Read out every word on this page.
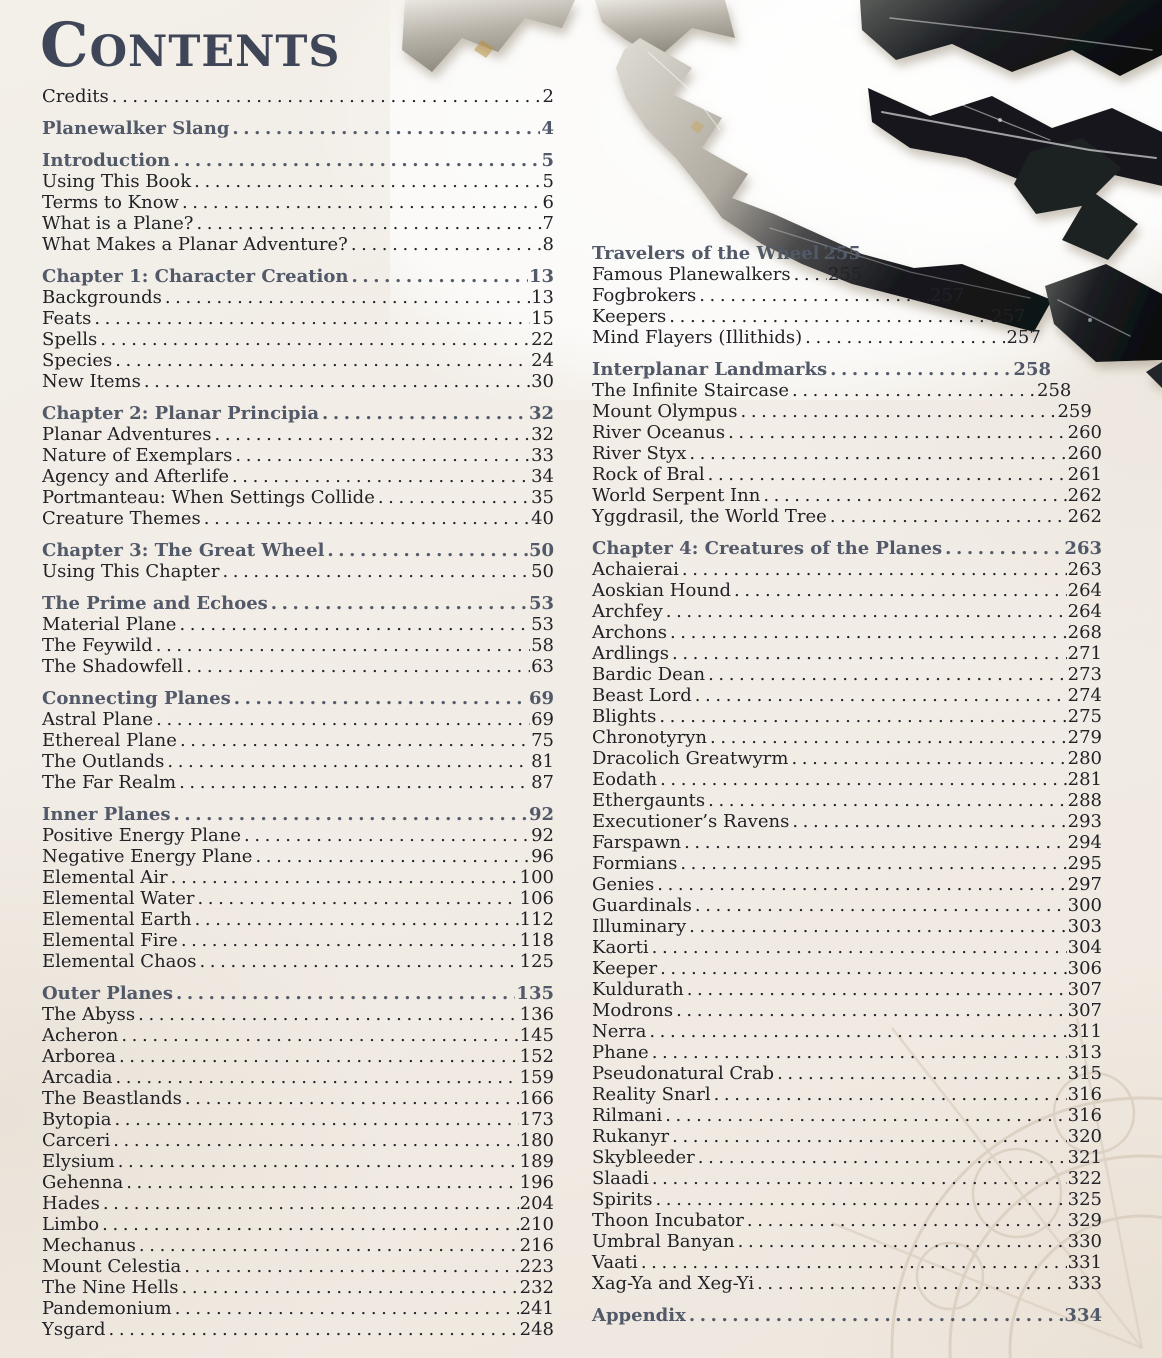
CONTENTS
Credits .....	2
Planewalker Slang .....	4
Introduction .....	5
Using This Book .....	5
Terms to Know .....	6
What is a Plane? .....	7
What Makes a Planar Adventure? .....	8
Chapter 1: Character Creation .....	13
Backgrounds .....	13
Feats .....	15
Spells .....	22
Species .....	24
New Items .....	30
Chapter 2: Planar Principia .....	32
Planar Adventures .....	32
Nature of Exemplars .....	33
Agency and Afterlife .....	34
Portmanteau: When Settings Collide .....	35
Creature Themes .....	40
Chapter 3: The Great Wheel .....	50
Using This Chapter .....	50
The Prime and Echoes .....	53
Material Plane .....	53
The Feywild .....	58
The Shadowfell .....	63
Connecting Planes .....	69
Astral Plane .....	69
Ethereal Plane .....	75
The Outlands .....	81
The Far Realm .....	87
Inner Planes .....	92
Positive Energy Plane .....	92
Negative Energy Plane .....	96
Elemental Air .....	100
Elemental Water .....	106
Elemental Earth .....	112
Elemental Fire .....	118
Elemental Chaos .....	125
Outer Planes .....	135
The Abyss .....	136
Acheron .....	145
Arborea .....	152
Arcadia .....	159
The Beastlands .....	166
Bytopia .....	173
Carceri .....	180
Elysium .....	189
Gehenna .....	196
Hades .....	204
Limbo .....	210
Mechanus .....	216
Mount Celestia .....	223
The Nine Hells .....	232
Pandemonium .....	241
Ysgard .....	248
Travelers of the Wheel 255
Famous Planewalkers ..... 255
Fogbrokers .....	257
Keepers .....	257
Mind Flayers (Illithids) .....	257
Interplanar Landmarks .....	258
The Infinite Staircase .....	258
Mount Olympus .....	259
River Oceanus .....	260
River Styx .....	260
Rock of Bral .....	261
World Serpent Inn .....	262
Yggdrasil, the World Tree .....	262
Chapter 4: Creatures of the Planes .....	263
Achaierai .....	263
Aoskian Hound .....	264
Archfey .....	264
Archons .....	268
Ardlings .....	271
Bardic Dean .....	273
Beast Lord .....	274
Blights .....	275
Chronotyryn .....	279
Dracolich Greatwyrm .....	280
Eodath .....	281
Ethergaunts .....	288
Executioner’s Ravens .....	293
Farspawn .....	294
Formians .....	295
Genies .....	297
Guardinals .....	300
Illuminary .....	303
Kaorti .....	304
Keeper .....	306
Kuldurath .....	307
Modrons .....	307
Nerra .....	311
Phane .....	313
Pseudonatural Crab .....	315
Reality Snarl .....	316
Rilmani .....	316
Rukanyr .....	320
Skybleeder .....	321
Slaadi .....	322
Spirits .....	325
Thoon Incubator .....	329
Umbral Banyan .....	330
Vaati .....	331
Xag-Ya and Xeg-Yi .....	333
Appendix .....	334
